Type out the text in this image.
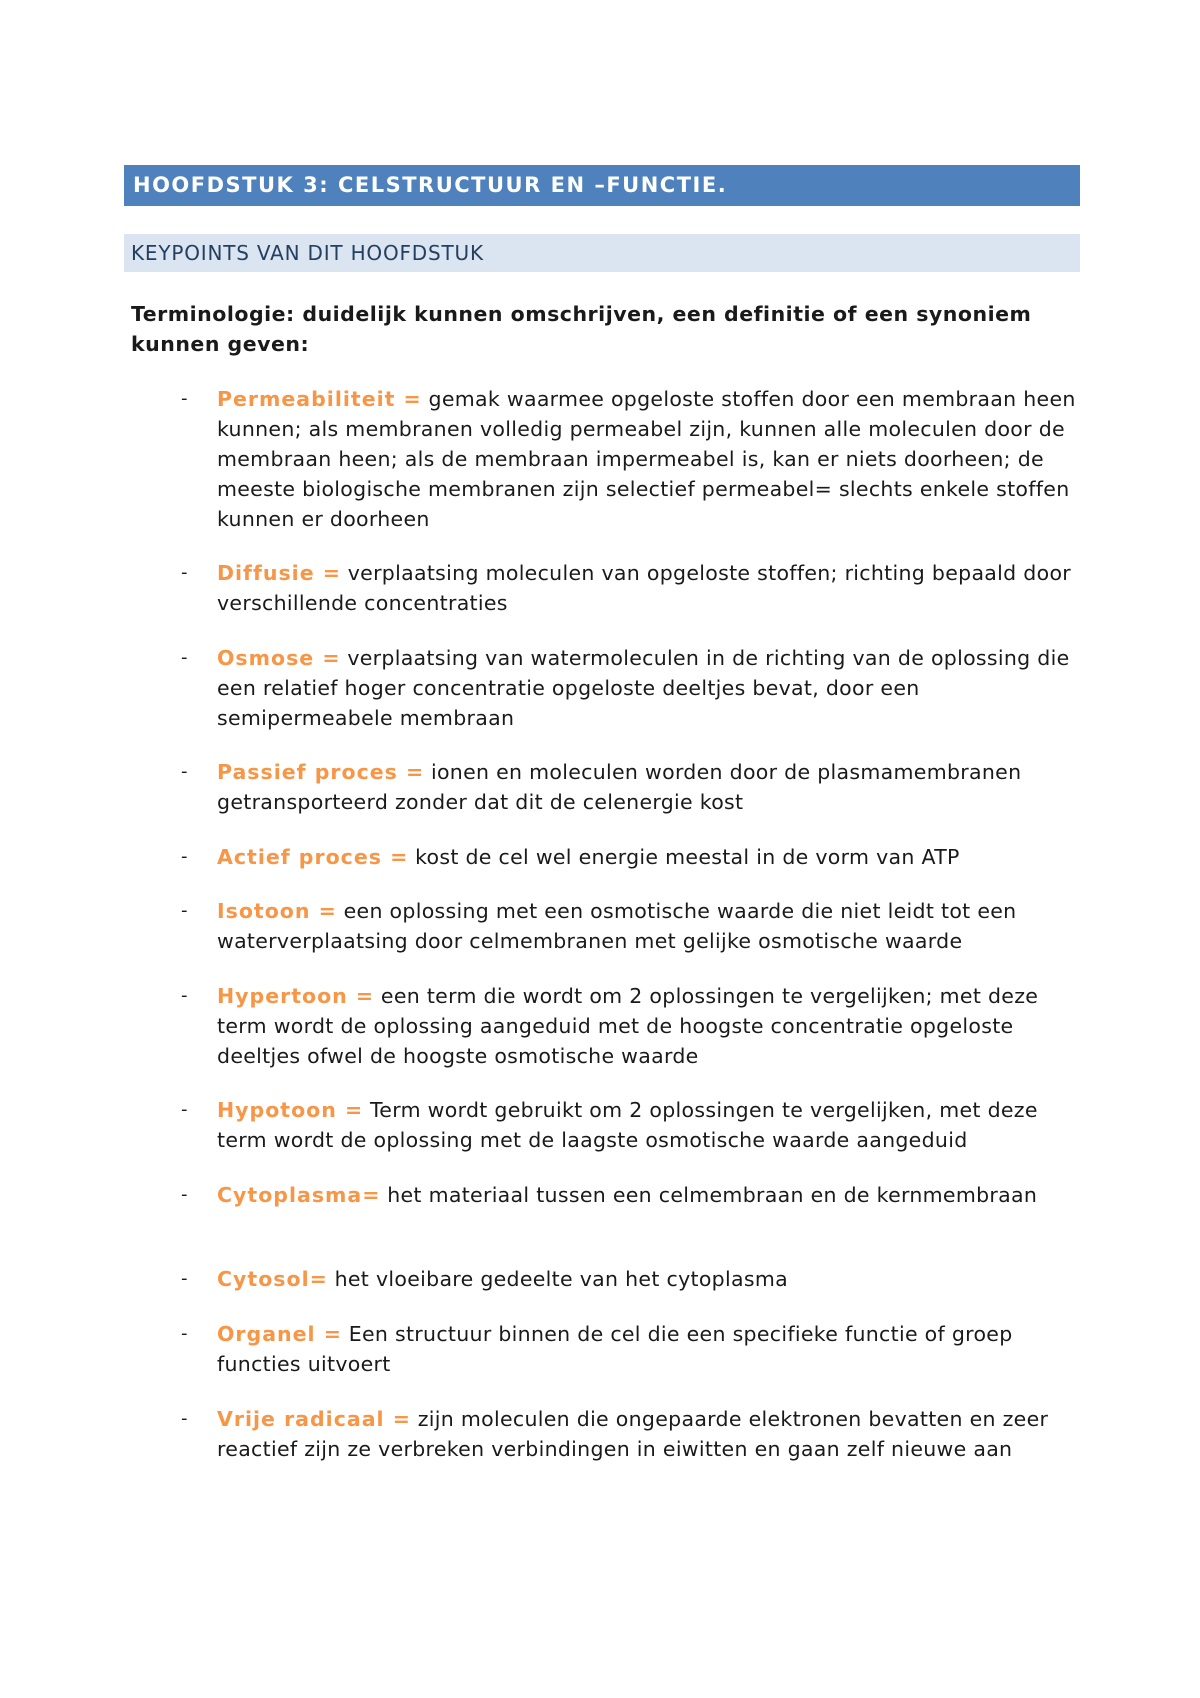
HOOFDSTUK 3: CELSTRUCTUUR EN –FUNCTIE.
KEYPOINTS VAN DIT HOOFDSTUK
Terminologie: duidelijk kunnen omschrijven, een definitie of een synoniem kunnen geven:
- Permeabiliteit = gemak waarmee opgeloste stoffen door een membraan heen kunnen; als membranen volledig permeabel zijn, kunnen alle moleculen door de membraan heen; als de membraan impermeabel is, kan er niets doorheen; de meeste biologische membranen zijn selectief permeabel= slechts enkele stoffen kunnen er doorheen
- Diffusie = verplaatsing moleculen van opgeloste stoffen; richting bepaald door verschillende concentraties
- Osmose = verplaatsing van watermoleculen in de richting van de oplossing die een relatief hoger concentratie opgeloste deeltjes bevat, door een semipermeabele membraan
- Passief proces = ionen en moleculen worden door de plasmamembranen getransporteerd zonder dat dit de celenergie kost
- Actief proces = kost de cel wel energie meestal in de vorm van ATP
- Isotoon = een oplossing met een osmotische waarde die niet leidt tot een waterverplaatsing door celmembranen met gelijke osmotische waarde
- Hypertoon = een term die wordt om 2 oplossingen te vergelijken; met deze term wordt de oplossing aangeduid met de hoogste concentratie opgeloste deeltjes ofwel de hoogste osmotische waarde
- Hypotoon = Term wordt gebruikt om 2 oplossingen te vergelijken, met deze term wordt de oplossing met de laagste osmotische waarde aangeduid
- Cytoplasma= het materiaal tussen een celmembraan en de kernmembraan
- Cytosol= het vloeibare gedeelte van het cytoplasma
- Organel = Een structuur binnen de cel die een specifieke functie of groep functies uitvoert
- Vrije radicaal = zijn moleculen die ongepaarde elektronen bevatten en zeer reactief zijn ze verbreken verbindingen in eiwitten en gaan zelf nieuwe aan
